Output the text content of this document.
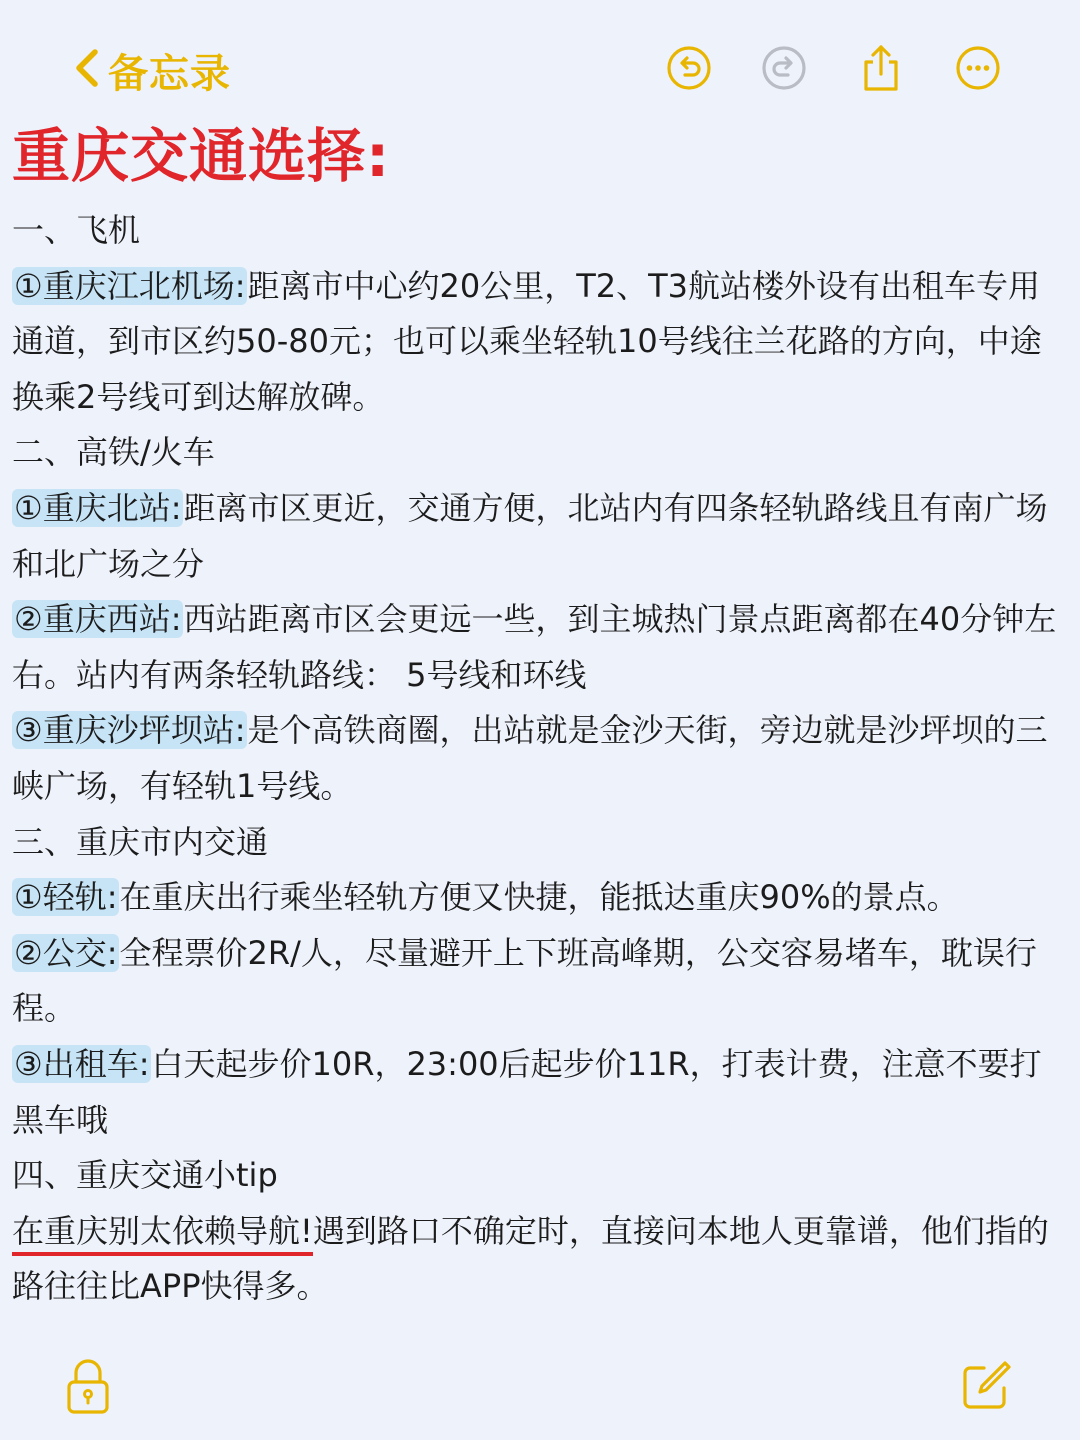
备忘录
重庆交通选择:

一、飞机

①重庆江北机场:距离市中心约20公里，T2、T3航站楼外设有出租车专用通道，到市区约50-80元；也可以乘坐轻轨10号线往兰花路的方向，中途换乘2号线可到达解放碑。

二、高铁/火车

①重庆北站:距离市区更近，交通方便，北站内有四条轻轨路线且有南广场和北广场之分

②重庆西站:西站距离市区会更远一些，到主城热门景点距离都在40分钟左右。站内有两条轻轨路线： 5号线和环线

③重庆沙坪坝站:是个高铁商圈，出站就是金沙天街，旁边就是沙坪坝的三峡广场，有轻轨1号线。

三、重庆市内交通

①轻轨:在重庆出行乘坐轻轨方便又快捷，能抵达重庆90%的景点。

②公交:全程票价2R/人，尽量避开上下班高峰期，公交容易堵车，耽误行程。

③出租车:白天起步价10R，23:00后起步价11R，打表计费，注意不要打黑车哦

四、重庆交通小tip

在重庆别太依赖导航!遇到路口不确定时，直接问本地人更靠谱，他们指的路往往比APP快得多。
